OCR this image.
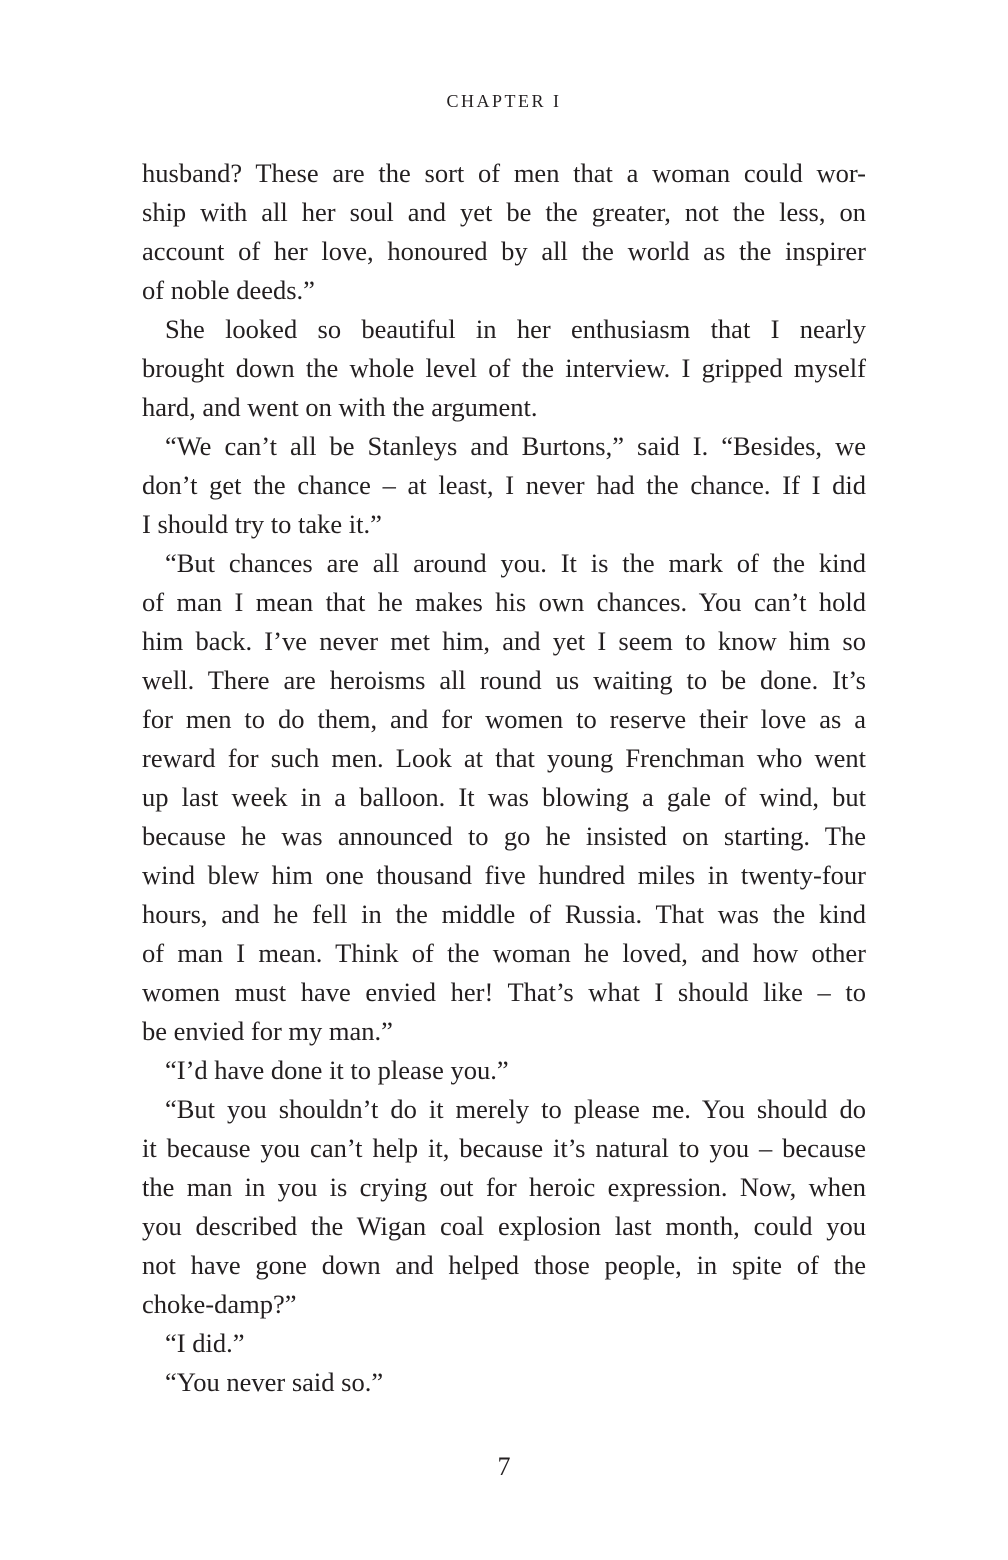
CHAPTER I
husband? These are the sort of men that a woman could wor-
ship with all her soul and yet be the greater, not the less, on
account of her love, honoured by all the world as the inspirer
of noble deeds.”
She looked so beautiful in her enthusiasm that I nearly
brought down the whole level of the interview. I gripped myself
hard, and went on with the argument.
“We can’t all be Stanleys and Burtons,” said I. “Besides, we
don’t get the chance – at least, I never had the chance. If I did
I should try to take it.”
“But chances are all around you. It is the mark of the kind
of man I mean that he makes his own chances. You can’t hold
him back. I’ve never met him, and yet I seem to know him so
well. There are heroisms all round us waiting to be done. It’s
for men to do them, and for women to reserve their love as a
reward for such men. Look at that young Frenchman who went
up last week in a balloon. It was blowing a gale of wind, but
because he was announced to go he insisted on starting. The
wind blew him one thousand five hundred miles in twenty-four
hours, and he fell in the middle of Russia. That was the kind
of man I mean. Think of the woman he loved, and how other
women must have envied her! That’s what I should like – to
be envied for my man.”
“I’d have done it to please you.”
“But you shouldn’t do it merely to please me. You should do
it because you can’t help it, because it’s natural to you – because
the man in you is crying out for heroic expression. Now, when
you described the Wigan coal explosion last month, could you
not have gone down and helped those people, in spite of the
choke-damp?”
“I did.”
“You never said so.”
7
